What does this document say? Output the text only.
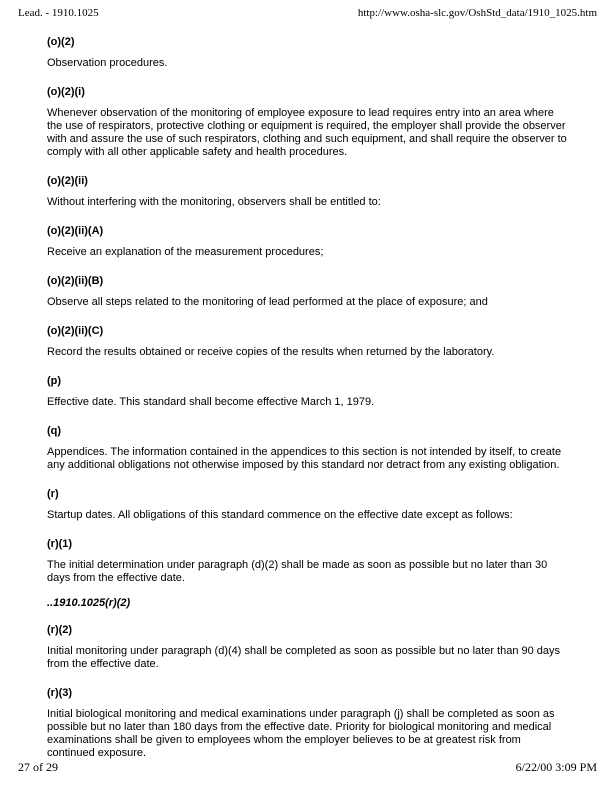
Lead. - 1910.1025	http://www.osha-slc.gov/OshStd_data/1910_1025.htm
(o)(2)

Observation procedures.

(o)(2)(i)

Whenever observation of the monitoring of employee exposure to lead requires entry into an area where the use of respirators, protective clothing or equipment is required, the employer shall provide the observer with and assure the use of such respirators, clothing and such equipment, and shall require the observer to comply with all other applicable safety and health procedures.

(o)(2)(ii)

Without interfering with the monitoring, observers shall be entitled to:

(o)(2)(ii)(A)

Receive an explanation of the measurement procedures;

(o)(2)(ii)(B)

Observe all steps related to the monitoring of lead performed at the place of exposure; and

(o)(2)(ii)(C)

Record the results obtained or receive copies of the results when returned by the laboratory.

(p)

Effective date. This standard shall become effective March 1, 1979.

(q)

Appendices. The information contained in the appendices to this section is not intended by itself, to create any additional obligations not otherwise imposed by this standard nor detract from any existing obligation.

(r)

Startup dates. All obligations of this standard commence on the effective date except as follows:

(r)(1)

The initial determination under paragraph (d)(2) shall be made as soon as possible but no later than 30 days from the effective date.

..1910.1025(r)(2)
(r)(2)

Initial monitoring under paragraph (d)(4) shall be completed as soon as possible but no later than 90 days from the effective date.

(r)(3)

Initial biological monitoring and medical examinations under paragraph (j) shall be completed as soon as possible but no later than 180 days from the effective date. Priority for biological monitoring and medical examinations shall be given to employees whom the employer believes to be at greatest risk from continued exposure.

27 of 29	6/22/00 3:09 PM
